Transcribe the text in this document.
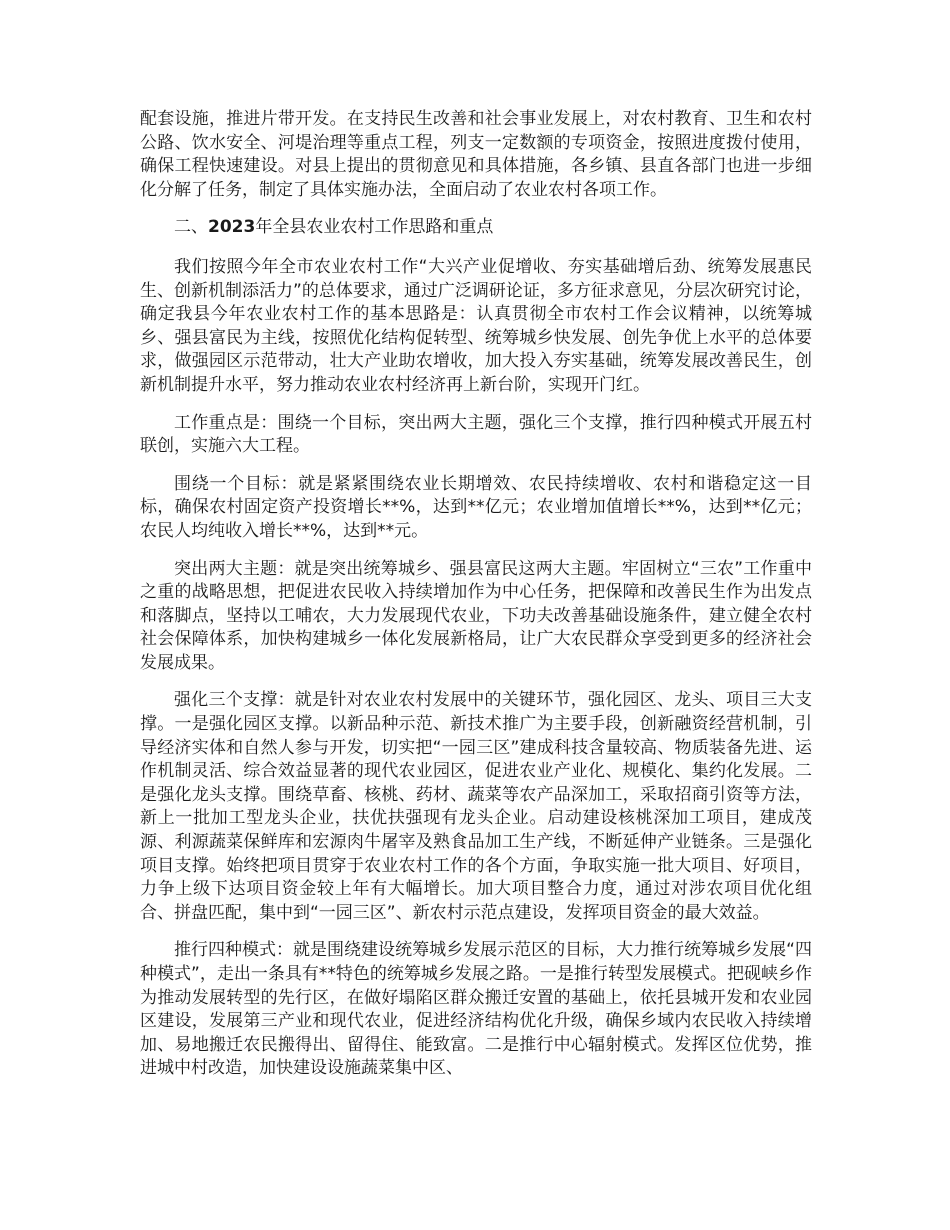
配套设施，推进片带开发。在支持民生改善和社会事业发展上，对农村教育、卫生和农村公路、饮水安全、河堤治理等重点工程，列支一定数额的专项资金，按照进度拨付使用，确保工程快速建设。对县上提出的贯彻意见和具体措施，各乡镇、县直各部门也进一步细化分解了任务，制定了具体实施办法，全面启动了农业农村各项工作。

二、2023年全县农业农村工作思路和重点

我们按照今年全市农业农村工作“大兴产业促增收、夯实基础增后劲、统筹发展惠民生、创新机制添活力”的总体要求，通过广泛调研论证，多方征求意见，分层次研究讨论，确定我县今年农业农村工作的基本思路是：认真贯彻全市农村工作会议精神，以统筹城乡、强县富民为主线，按照优化结构促转型、统筹城乡快发展、创先争优上水平的总体要求，做强园区示范带动，壮大产业助农增收，加大投入夯实基础，统筹发展改善民生，创新机制提升水平，努力推动农业农村经济再上新台阶，实现开门红。

工作重点是：围绕一个目标，突出两大主题，强化三个支撑，推行四种模式开展五村联创，实施六大工程。

围绕一个目标：就是紧紧围绕农业长期增效、农民持续增收、农村和谐稳定这一目标，确保农村固定资产投资增长**%，达到**亿元；农业增加值增长**%，达到**亿元；农民人均纯收入增长**%，达到**元。

突出两大主题：就是突出统筹城乡、强县富民这两大主题。牢固树立“三农”工作重中之重的战略思想，把促进农民收入持续增加作为中心任务，把保障和改善民生作为出发点和落脚点，坚持以工哺农，大力发展现代农业，下功夫改善基础设施条件，建立健全农村社会保障体系，加快构建城乡一体化发展新格局，让广大农民群众享受到更多的经济社会发展成果。

强化三个支撑：就是针对农业农村发展中的关键环节，强化园区、龙头、项目三大支撑。一是强化园区支撑。以新品种示范、新技术推广为主要手段，创新融资经营机制，引导经济实体和自然人参与开发，切实把“一园三区”建成科技含量较高、物质装备先进、运作机制灵活、综合效益显著的现代农业园区，促进农业产业化、规模化、集约化发展。二是强化龙头支撑。围绕草畜、核桃、药材、蔬菜等农产品深加工，采取招商引资等方法，新上一批加工型龙头企业，扶优扶强现有龙头企业。启动建设核桃深加工项目，建成茂源、利源蔬菜保鲜库和宏源肉牛屠宰及熟食品加工生产线，不断延伸产业链条。三是强化项目支撑。始终把项目贯穿于农业农村工作的各个方面，争取实施一批大项目、好项目，力争上级下达项目资金较上年有大幅增长。加大项目整合力度，通过对涉农项目优化组合、拼盘匹配，集中到“一园三区”、新农村示范点建设，发挥项目资金的最大效益。

推行四种模式：就是围绕建设统筹城乡发展示范区的目标，大力推行统筹城乡发展“四种模式”，走出一条具有**特色的统筹城乡发展之路。一是推行转型发展模式。把砚峡乡作为推动发展转型的先行区，在做好塌陷区群众搬迁安置的基础上，依托县城开发和农业园区建设，发展第三产业和现代农业，促进经济结构优化升级，确保乡域内农民收入持续增加、易地搬迁农民搬得出、留得住、能致富。二是推行中心辐射模式。发挥区位优势，推进城中村改造，加快建设设施蔬菜集中区、
